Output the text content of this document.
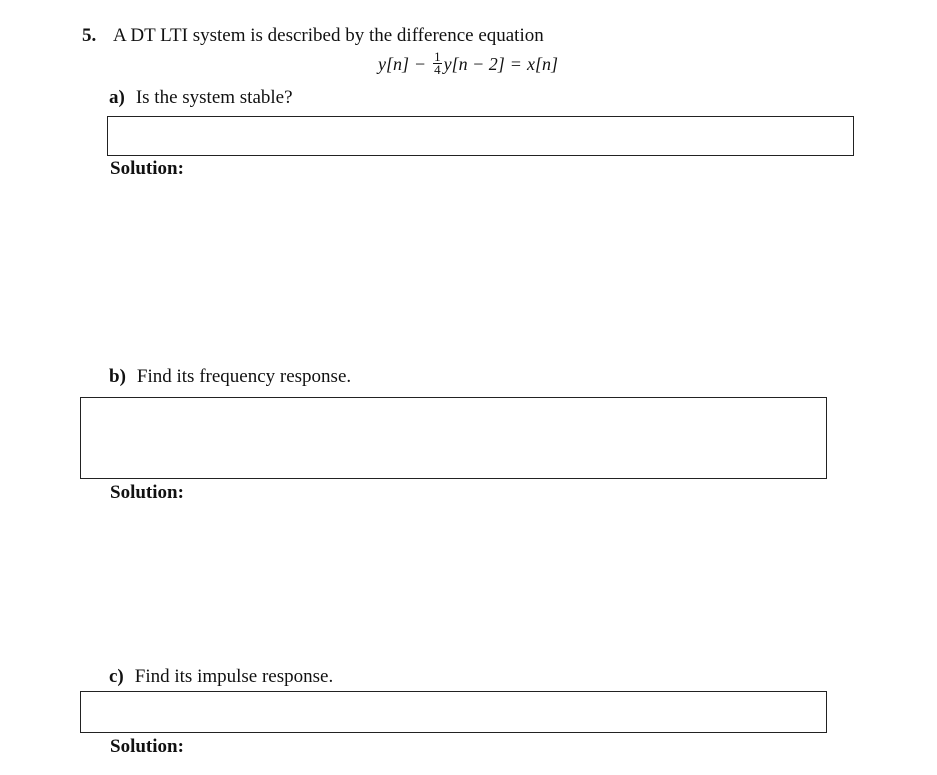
5. A DT LTI system is described by the difference equation
$y[n] - \frac{1}{4} y[n - 2] = x[n]$
a) Is the system stable?
Solution:
b) Find its frequency response.
Solution:
c) Find its impulse response.
Solution:
